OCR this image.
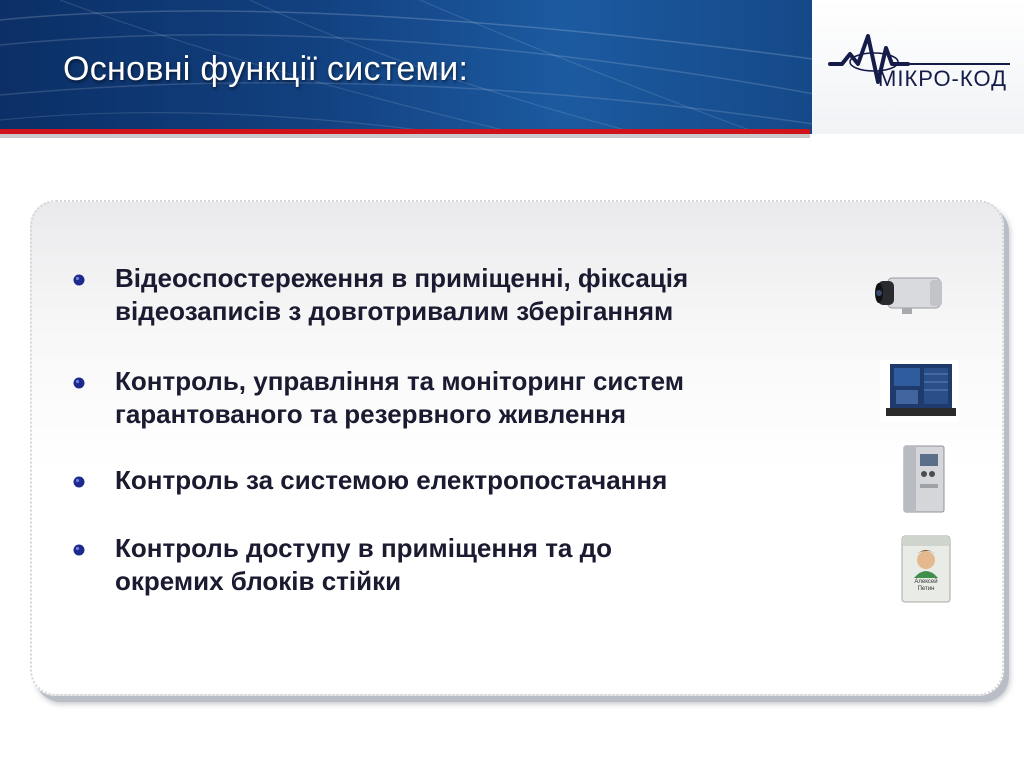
Основні функції системи:	МІКРО-КОД
Відеоспостереження в приміщенні, фіксація
відеозаписів з довготривалим зберіганням
Контроль, управління та моніторинг систем
гарантованого та резервного живлення
Контроль за системою електропостачання
Контроль доступу в приміщення та до
окремих блоків стійки	Алексей
Петин
